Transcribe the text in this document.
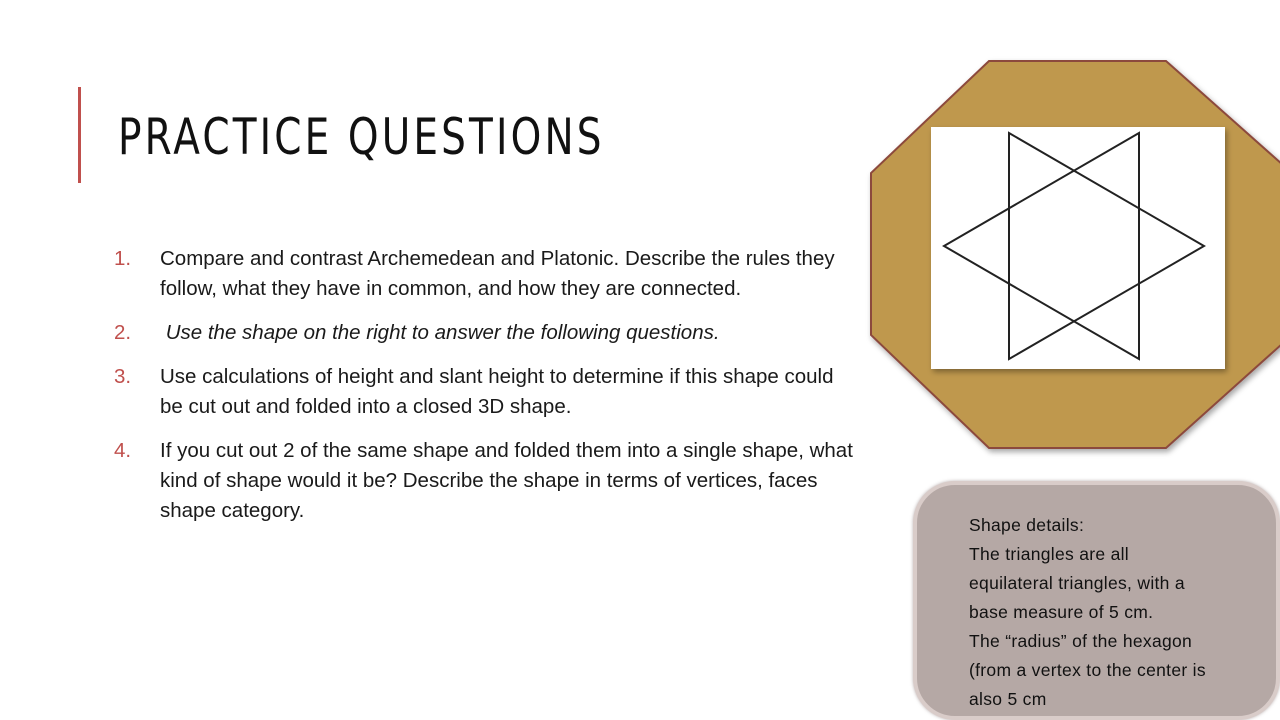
PRACTICE QUESTIONS
1.	Compare and contrast Archemedean and Platonic. Describe the rules they follow, what they have in common, and how they are connected.
2.	Use the shape on the right to answer the following questions.
3.	Use calculations of height and slant height to determine if this shape could be cut out and folded into a closed 3D shape.
4.	If you cut out 2 of the same shape and folded them into a single shape, what kind of shape would it be? Describe the shape in terms of vertices, faces shape category.
Shape details:
The triangles are all
equilateral triangles, with a
base measure of 5 cm.
The “radius” of the hexagon
(from a vertex to the center is
also 5 cm
